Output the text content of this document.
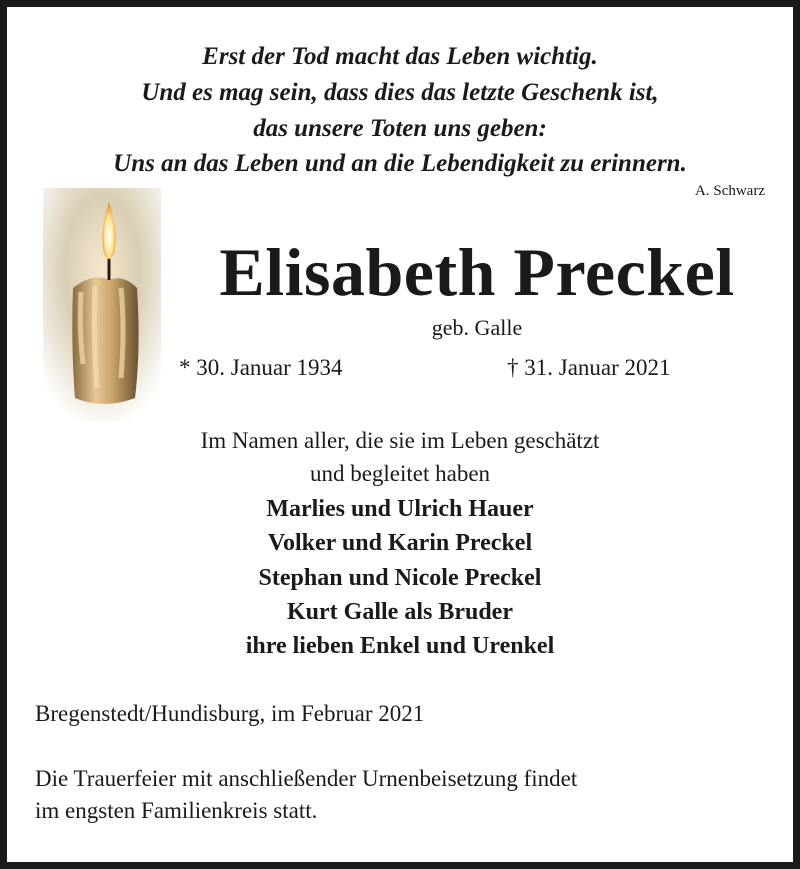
Erst der Tod macht das Leben wichtig.
Und es mag sein, dass dies das letzte Geschenk ist,
das unsere Toten uns geben:
Uns an das Leben und an die Lebendigkeit zu erinnern.
A. Schwarz
Elisabeth Preckel
geb. Galle
* 30. Januar 1934	† 31. Januar 2021
Im Namen aller, die sie im Leben geschätzt
und begleitet haben
Marlies und Ulrich Hauer
Volker und Karin Preckel
Stephan und Nicole Preckel
Kurt Galle als Bruder
ihre lieben Enkel und Urenkel
Bregenstedt/Hundisburg, im Februar 2021
Die Trauerfeier mit anschließender Urnenbeisetzung findet
im engsten Familienkreis statt.
